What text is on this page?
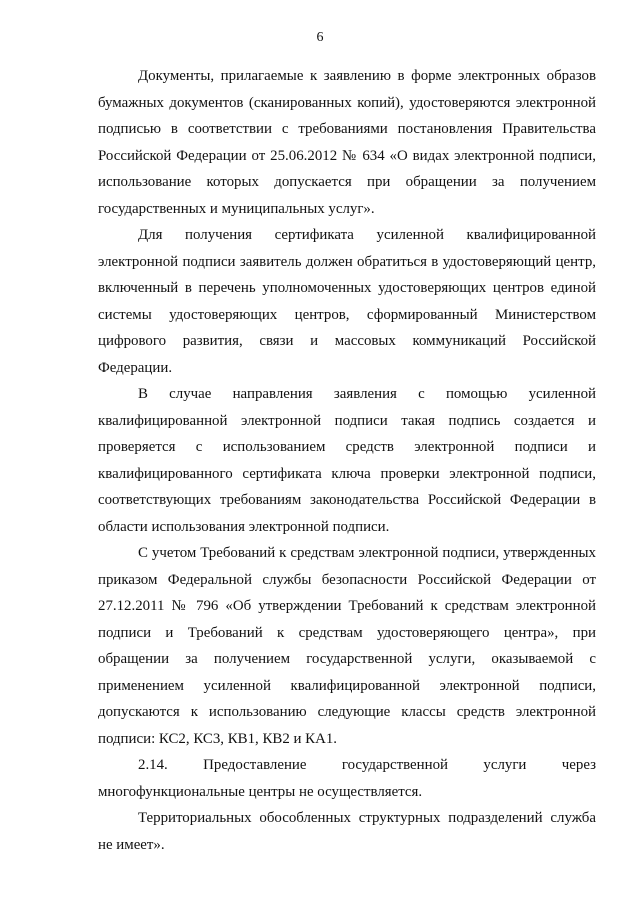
6
Документы, прилагаемые к заявлению в форме электронных образов
бумажных документов (сканированных копий), удостоверяются электронной
подписью в соответствии с требованиями постановления Правительства
Российской Федерации от 25.06.2012 № 634 «О видах электронной подписи,
использование которых допускается при обращении за получением
государственных и муниципальных услуг».
Для получения сертификата усиленной квалифицированной
электронной подписи заявитель должен обратиться в удостоверяющий центр,
включенный в перечень уполномоченных удостоверяющих центров единой
системы удостоверяющих центров, сформированный Министерством
цифрового развития, связи и массовых коммуникаций Российской
Федерации.
В случае направления заявления с помощью усиленной
квалифицированной электронной подписи такая подпись создается и
проверяется с использованием средств электронной подписи и
квалифицированного сертификата ключа проверки электронной подписи,
соответствующих требованиям законодательства Российской Федерации в
области использования электронной подписи.
С учетом Требований к средствам электронной подписи, утвержденных
приказом Федеральной службы безопасности Российской Федерации от
27.12.2011 № 796 «Об утверждении Требований к средствам электронной
подписи и Требований к средствам удостоверяющего центра», при
обращении за получением государственной услуги, оказываемой с
применением усиленной квалифицированной электронной подписи,
допускаются к использованию следующие классы средств электронной
подписи: КС2, КС3, КВ1, КВ2 и КА1.
2.14. Предоставление государственной услуги через
многофункциональные центры не осуществляется.
Территориальных обособленных структурных подразделений служба
не имеет».
